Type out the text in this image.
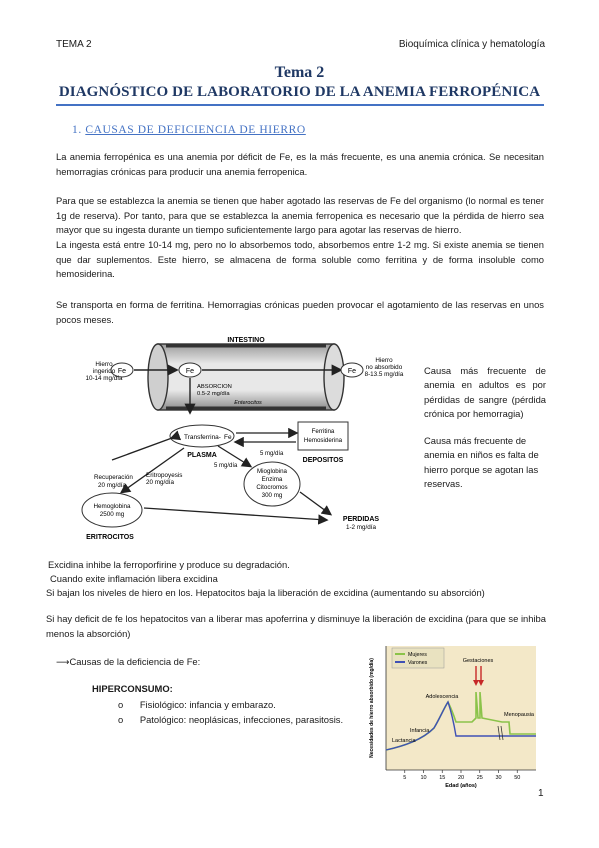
TEMA 2	Bioquímica clínica y hematología
Tema 2
DIAGNÓSTICO DE LABORATORIO DE LA ANEMIA FERROPÉNICA
1. CAUSAS DE DEFICIENCIA DE HIERRO
La anemia ferropénica es una anemia por déficit de Fe, es la más frecuente, es una anemia crónica. Se necesitan hemorragias crónicas para producir una anemia ferropenica.
Para que se establezca la anemia se tienen que haber agotado las reservas de Fe del organismo (lo normal es tener 1g de reserva). Por tanto, para que se establezca la anemia ferropenica es necesario que la pérdida de hierro sea mayor que su ingesta durante un tiempo suficientemente largo para agotar las reservas de hierro.
La ingesta está entre 10-14 mg, pero no lo absorbemos todo, absorbemos entre 1-2 mg. Si existe anemia se tienen que dar suplementos. Este hierro, se almacena de forma soluble como ferritina y de forma insoluble como hemosiderina.
Se transporta en forma de ferritina. Hemorragias crónicas pueden provocar el agotamiento de las reservas en unos pocos meses.
INTESTINO
Fe
Hierro
ingerido
10-14 mg/día
Fe	Fe
Hierro
no absorbido
8-13.5 mg/día
ABSORCION
0.5-2 mg/día
Enterocitos
Transferrina- Fe
PLASMA
Ferritina
Hemosiderina
DEPOSITOS
5 mg/día
5 mg/día
Recuperación
20 mg/día
Eritropoyesis
20 mg/día
Mioglobina
Enzima
Citocromos
300 mg
Hemoglobina
2500 mg
ERITROCITOS
PERDIDAS
1-2 mg/día
Causa más frecuente de anemia en adultos es por pérdidas de sangre (pérdida crónica por hemorragia)
Causa más frecuente de anemia en niños es falta de hierro porque se agotan las reservas.
Excidina inhibe la ferroporfirine y produce su degradación.
Cuando exite inflamación libera excidina
Si bajan los niveles de hiero en los. Hepatocitos baja la liberación de excidina (aumentando su absorción)
Si hay deficit de fe los hepatocitos van a liberar mas apoferrina y disminuye la liberación de excidina (para que se inhiba menos la absorción)
⟶Causas de la deficiencia de Fe:
HIPERCONSUMO:
o Fisiológico: infancia y embarazo.
o Patológico: neoplásicas, infecciones, parasitosis.	Necesidades de hierro absorbido (mg/día)
Edad (años)
5	10 15 20 25 30 50
Mujeres
Varones	Gestaciones
Adolescencia
Menopausia
Infancia
Lactancia
1
